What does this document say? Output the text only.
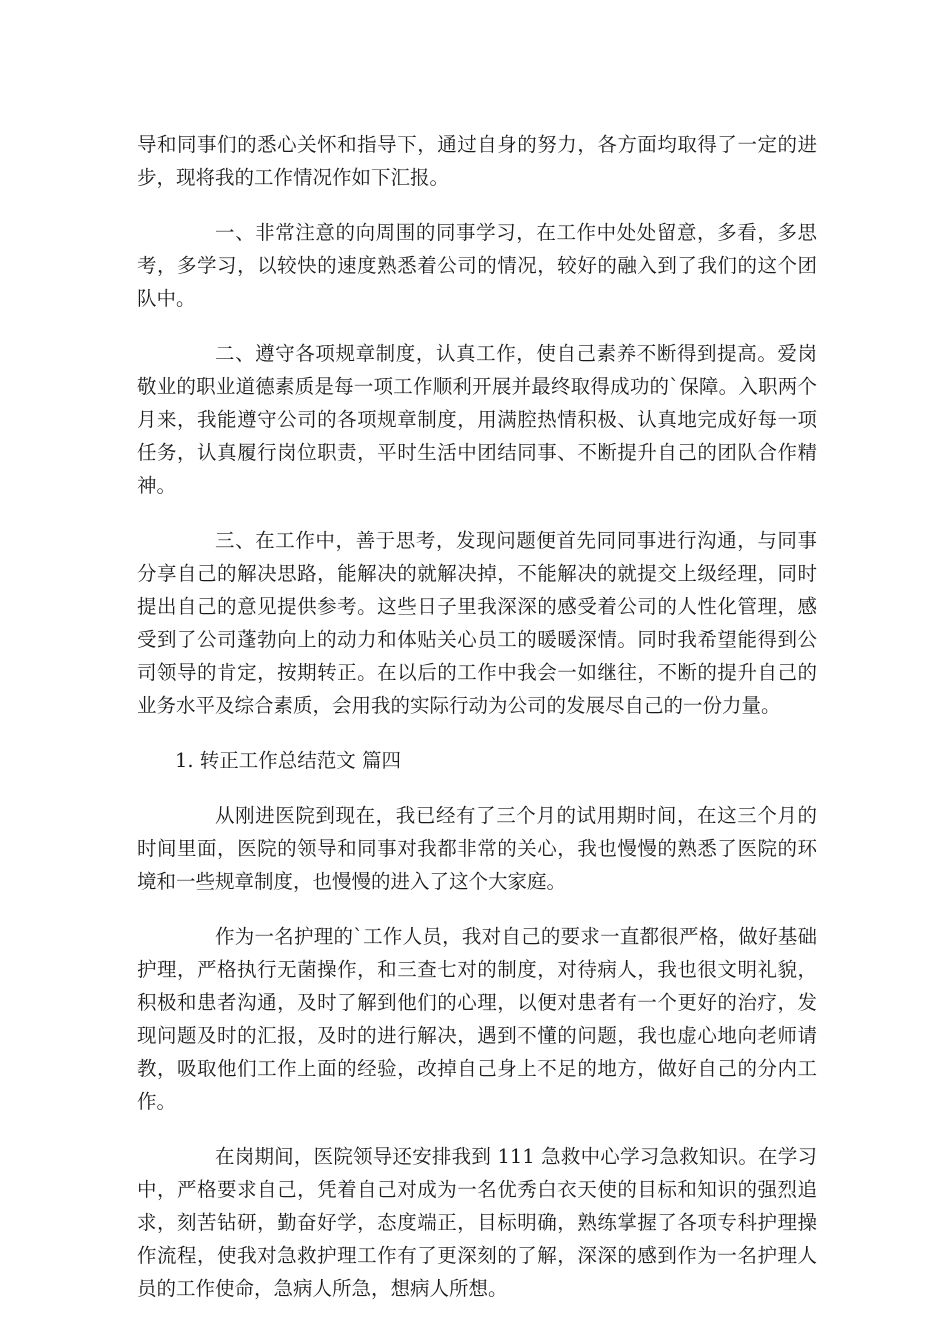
导和同事们的悉心关怀和指导下，通过自身的努力，各方面均取得了一定的进步，现将我的工作情况作如下汇报。

一、非常注意的向周围的同事学习，在工作中处处留意，多看，多思考，多学习，以较快的速度熟悉着公司的情况，较好的融入到了我们的这个团队中。

二、遵守各项规章制度，认真工作，使自己素养不断得到提高。爱岗敬业的职业道德素质是每一项工作顺利开展并最终取得成功的`保障。入职两个月来，我能遵守公司的各项规章制度，用满腔热情积极、认真地完成好每一项任务，认真履行岗位职责，平时生活中团结同事、不断提升自己的团队合作精神。

三、在工作中，善于思考，发现问题便首先同同事进行沟通，与同事分享自己的解决思路，能解决的就解决掉，不能解决的就提交上级经理，同时提出自己的意见提供参考。这些日子里我深深的感受着公司的人性化管理，感受到了公司蓬勃向上的动力和体贴关心员工的暖暖深情。同时我希望能得到公司领导的肯定，按期转正。在以后的工作中我会一如继往，不断的提升自己的业务水平及综合素质，会用我的实际行动为公司的发展尽自己的一份力量。

1. 转正工作总结范文 篇四

从刚进医院到现在，我已经有了三个月的试用期时间，在这三个月的时间里面，医院的领导和同事对我都非常的关心，我也慢慢的熟悉了医院的环境和一些规章制度，也慢慢的进入了这个大家庭。

作为一名护理的`工作人员，我对自己的要求一直都很严格，做好基础护理，严格执行无菌操作，和三查七对的制度，对待病人，我也很文明礼貌，积极和患者沟通，及时了解到他们的心理，以便对患者有一个更好的治疗，发现问题及时的汇报，及时的进行解决，遇到不懂的问题，我也虚心地向老师请教，吸取他们工作上面的经验，改掉自己身上不足的地方，做好自己的分内工作。

在岗期间，医院领导还安排我到 111 急救中心学习急救知识。在学习中，严格要求自己，凭着自己对成为一名优秀白衣天使的目标和知识的强烈追求，刻苦钻研，勤奋好学，态度端正，目标明确，熟练掌握了各项专科护理操作流程，使我对急救护理工作有了更深刻的了解，深深的感到作为一名护理人员的工作使命，急病人所急，想病人所想。
